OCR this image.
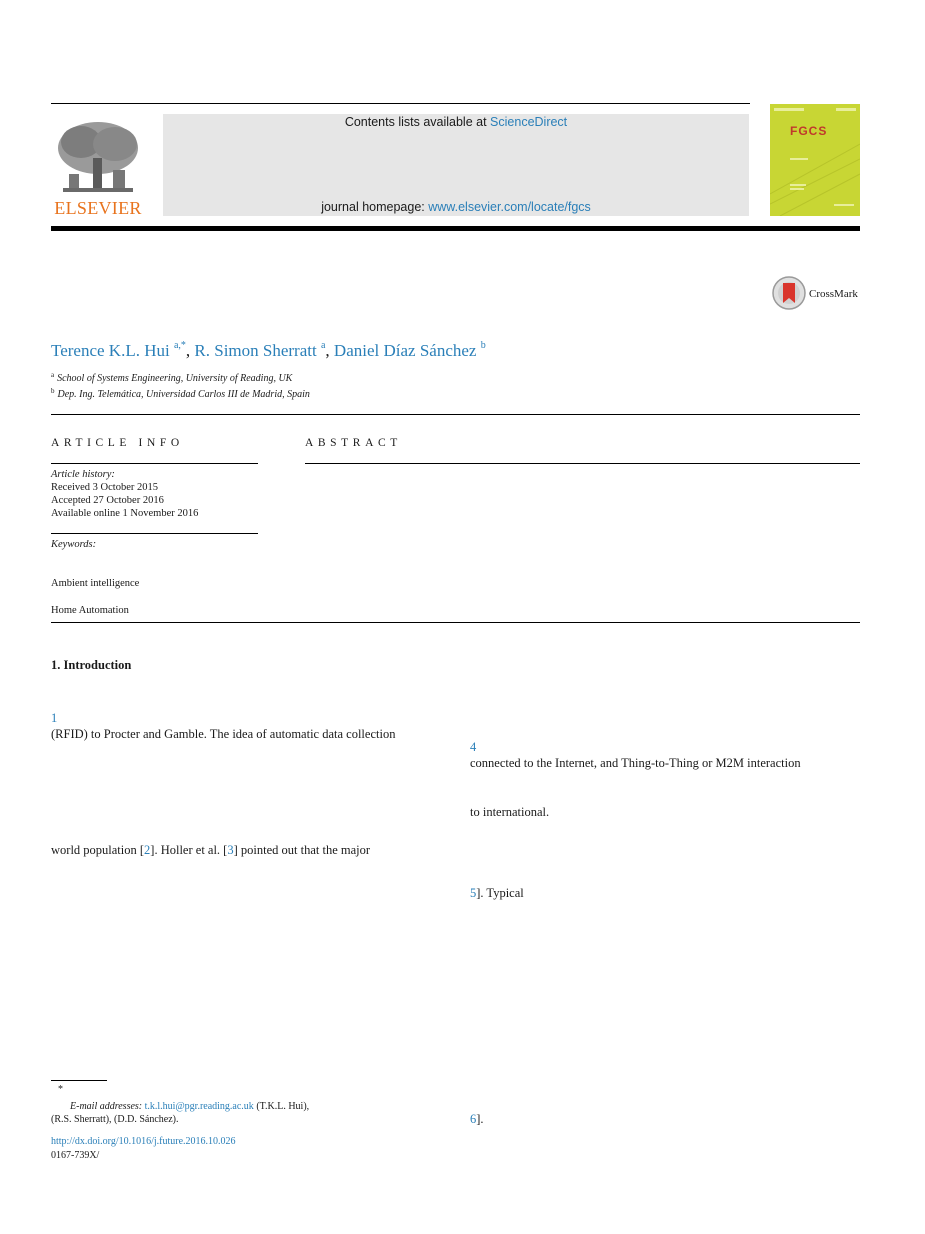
ELSEVIER
Contents lists available at ScienceDirect
journal homepage: www.elsevier.com/locate/fgcs
FGCS
CrossMark
Terence K.L. Hui $^{a,*}$, R. Simon Sherratt $^a$, Daniel Díaz Sánchez $^b$
$^a$ School of Systems Engineering, University of Reading, UK
$^b$ Dep. Ing. Telemática, Universidad Carlos III de Madrid, Spain
ARTICLE INFO
Article history:
Received 3 October 2015
Accepted 27 October 2016
Available online 1 November 2016
Keywords:
Ambient intelligence
Home Automation
ABSTRACT
1. Introduction
1
(RFID) to Procter and Gamble. The idea of automatic data collection
world population [2]. Holler et al. [3] pointed out that the major
4
connected to the Internet, and Thing-to-Thing or M2M interaction
to international.
5]. Typical
6].
*
E-mail addresses: t.k.l.hui@pgr.reading.ac.uk (T.K.L. Hui),
(R.S. Sherratt), (D.D. Sánchez).
http://dx.doi.org/10.1016/j.future.2016.10.026
0167-739X/
